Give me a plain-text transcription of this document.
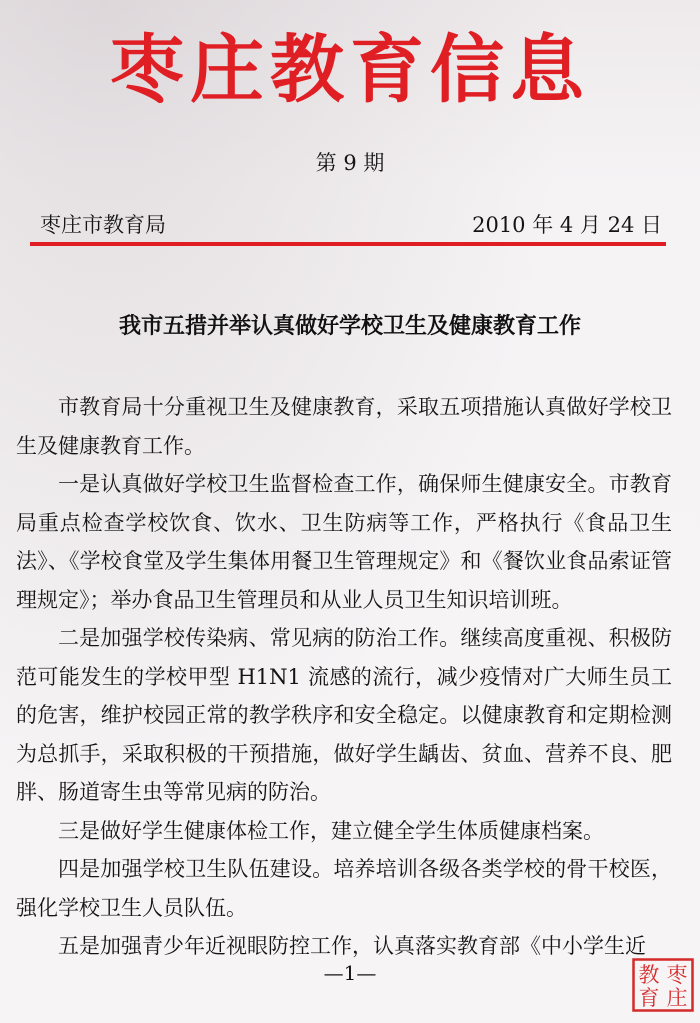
枣庄教育信息
第 9 期
枣庄市教育局	2010 年 4 月 24 日
我市五措并举认真做好学校卫生及健康教育工作

市教育局十分重视卫生及健康教育，采取五项措施认真做好学校卫生及健康教育工作。

一是认真做好学校卫生监督检查工作，确保师生健康安全。市教育局重点检查学校饮食、饮水、卫生防病等工作，严格执行《食品卫生法》、《学校食堂及学生集体用餐卫生管理规定》和《餐饮业食品索证管理规定》；举办食品卫生管理员和从业人员卫生知识培训班。

二是加强学校传染病、常见病的防治工作。继续高度重视、积极防范可能发生的学校甲型 H1N1 流感的流行，减少疫情对广大师生员工的危害，维护校园正常的教学秩序和安全稳定。以健康教育和定期检测为总抓手，采取积极的干预措施，做好学生龋齿、贫血、营养不良、肥胖、肠道寄生虫等常见病的防治。

三是做好学生健康体检工作，建立健全学生体质健康档案。

四是加强学校卫生队伍建设。培养培训各级各类学校的骨干校医，强化学校卫生人员队伍。

五是加强青少年近视眼防控工作，认真落实教育部《中小学生近

—1—	枣
庄
教
育
